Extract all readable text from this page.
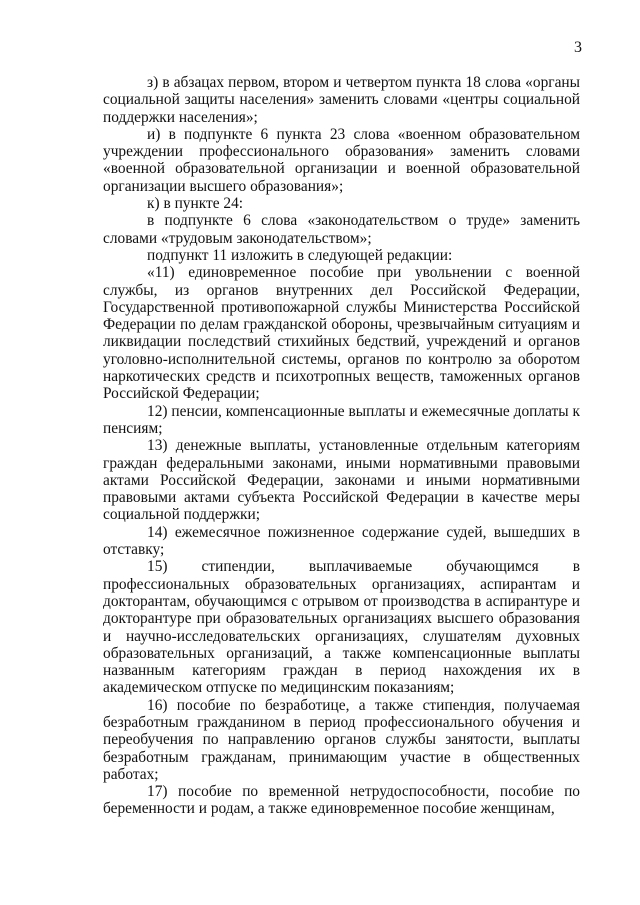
3

з) в абзацах первом, втором и четвертом пункта 18 слова «органы социальной защиты населения» заменить словами «центры социальной поддержки населения»;

и) в подпункте 6 пункта 23 слова «военном образовательном учреждении профессионального образования» заменить словами «военной образовательной организации и военной образовательной организации высшего образования»;

к) в пункте 24:

в подпункте 6 слова «законодательством о труде» заменить словами «трудовым законодательством»;

подпункт 11 изложить в следующей редакции:

«11) единовременное пособие при увольнении с военной службы, из органов внутренних дел Российской Федерации, Государственной противопожарной службы Министерства Российской Федерации по делам гражданской обороны, чрезвычайным ситуациям и ликвидации последствий стихийных бедствий, учреждений и органов уголовно-исполнительной системы, органов по контролю за оборотом наркотических средств и психотропных веществ, таможенных органов Российской Федерации;

12) пенсии, компенсационные выплаты и ежемесячные доплаты к пенсиям;

13) денежные выплаты, установленные отдельным категориям граждан федеральными законами, иными нормативными правовыми актами Российской Федерации, законами и иными нормативными правовыми актами субъекта Российской Федерации в качестве меры социальной поддержки;

14) ежемесячное пожизненное содержание судей, вышедших в отставку;

15) стипендии, выплачиваемые обучающимся в профессиональных образовательных организациях, аспирантам и докторантам, обучающимся с отрывом от производства в аспирантуре и докторантуре при образовательных организациях высшего образования и научно-исследовательских организациях, слушателям духовных образовательных организаций, а также компенсационные выплаты названным категориям граждан в период нахождения их в академическом отпуске по медицинским показаниям;

16) пособие по безработице, а также стипендия, получаемая безработным гражданином в период профессионального обучения и переобучения по направлению органов службы занятости, выплаты безработным гражданам, принимающим участие в общественных работах;

17) пособие по временной нетрудоспособности, пособие по беременности и родам, а также единовременное пособие женщинам,
